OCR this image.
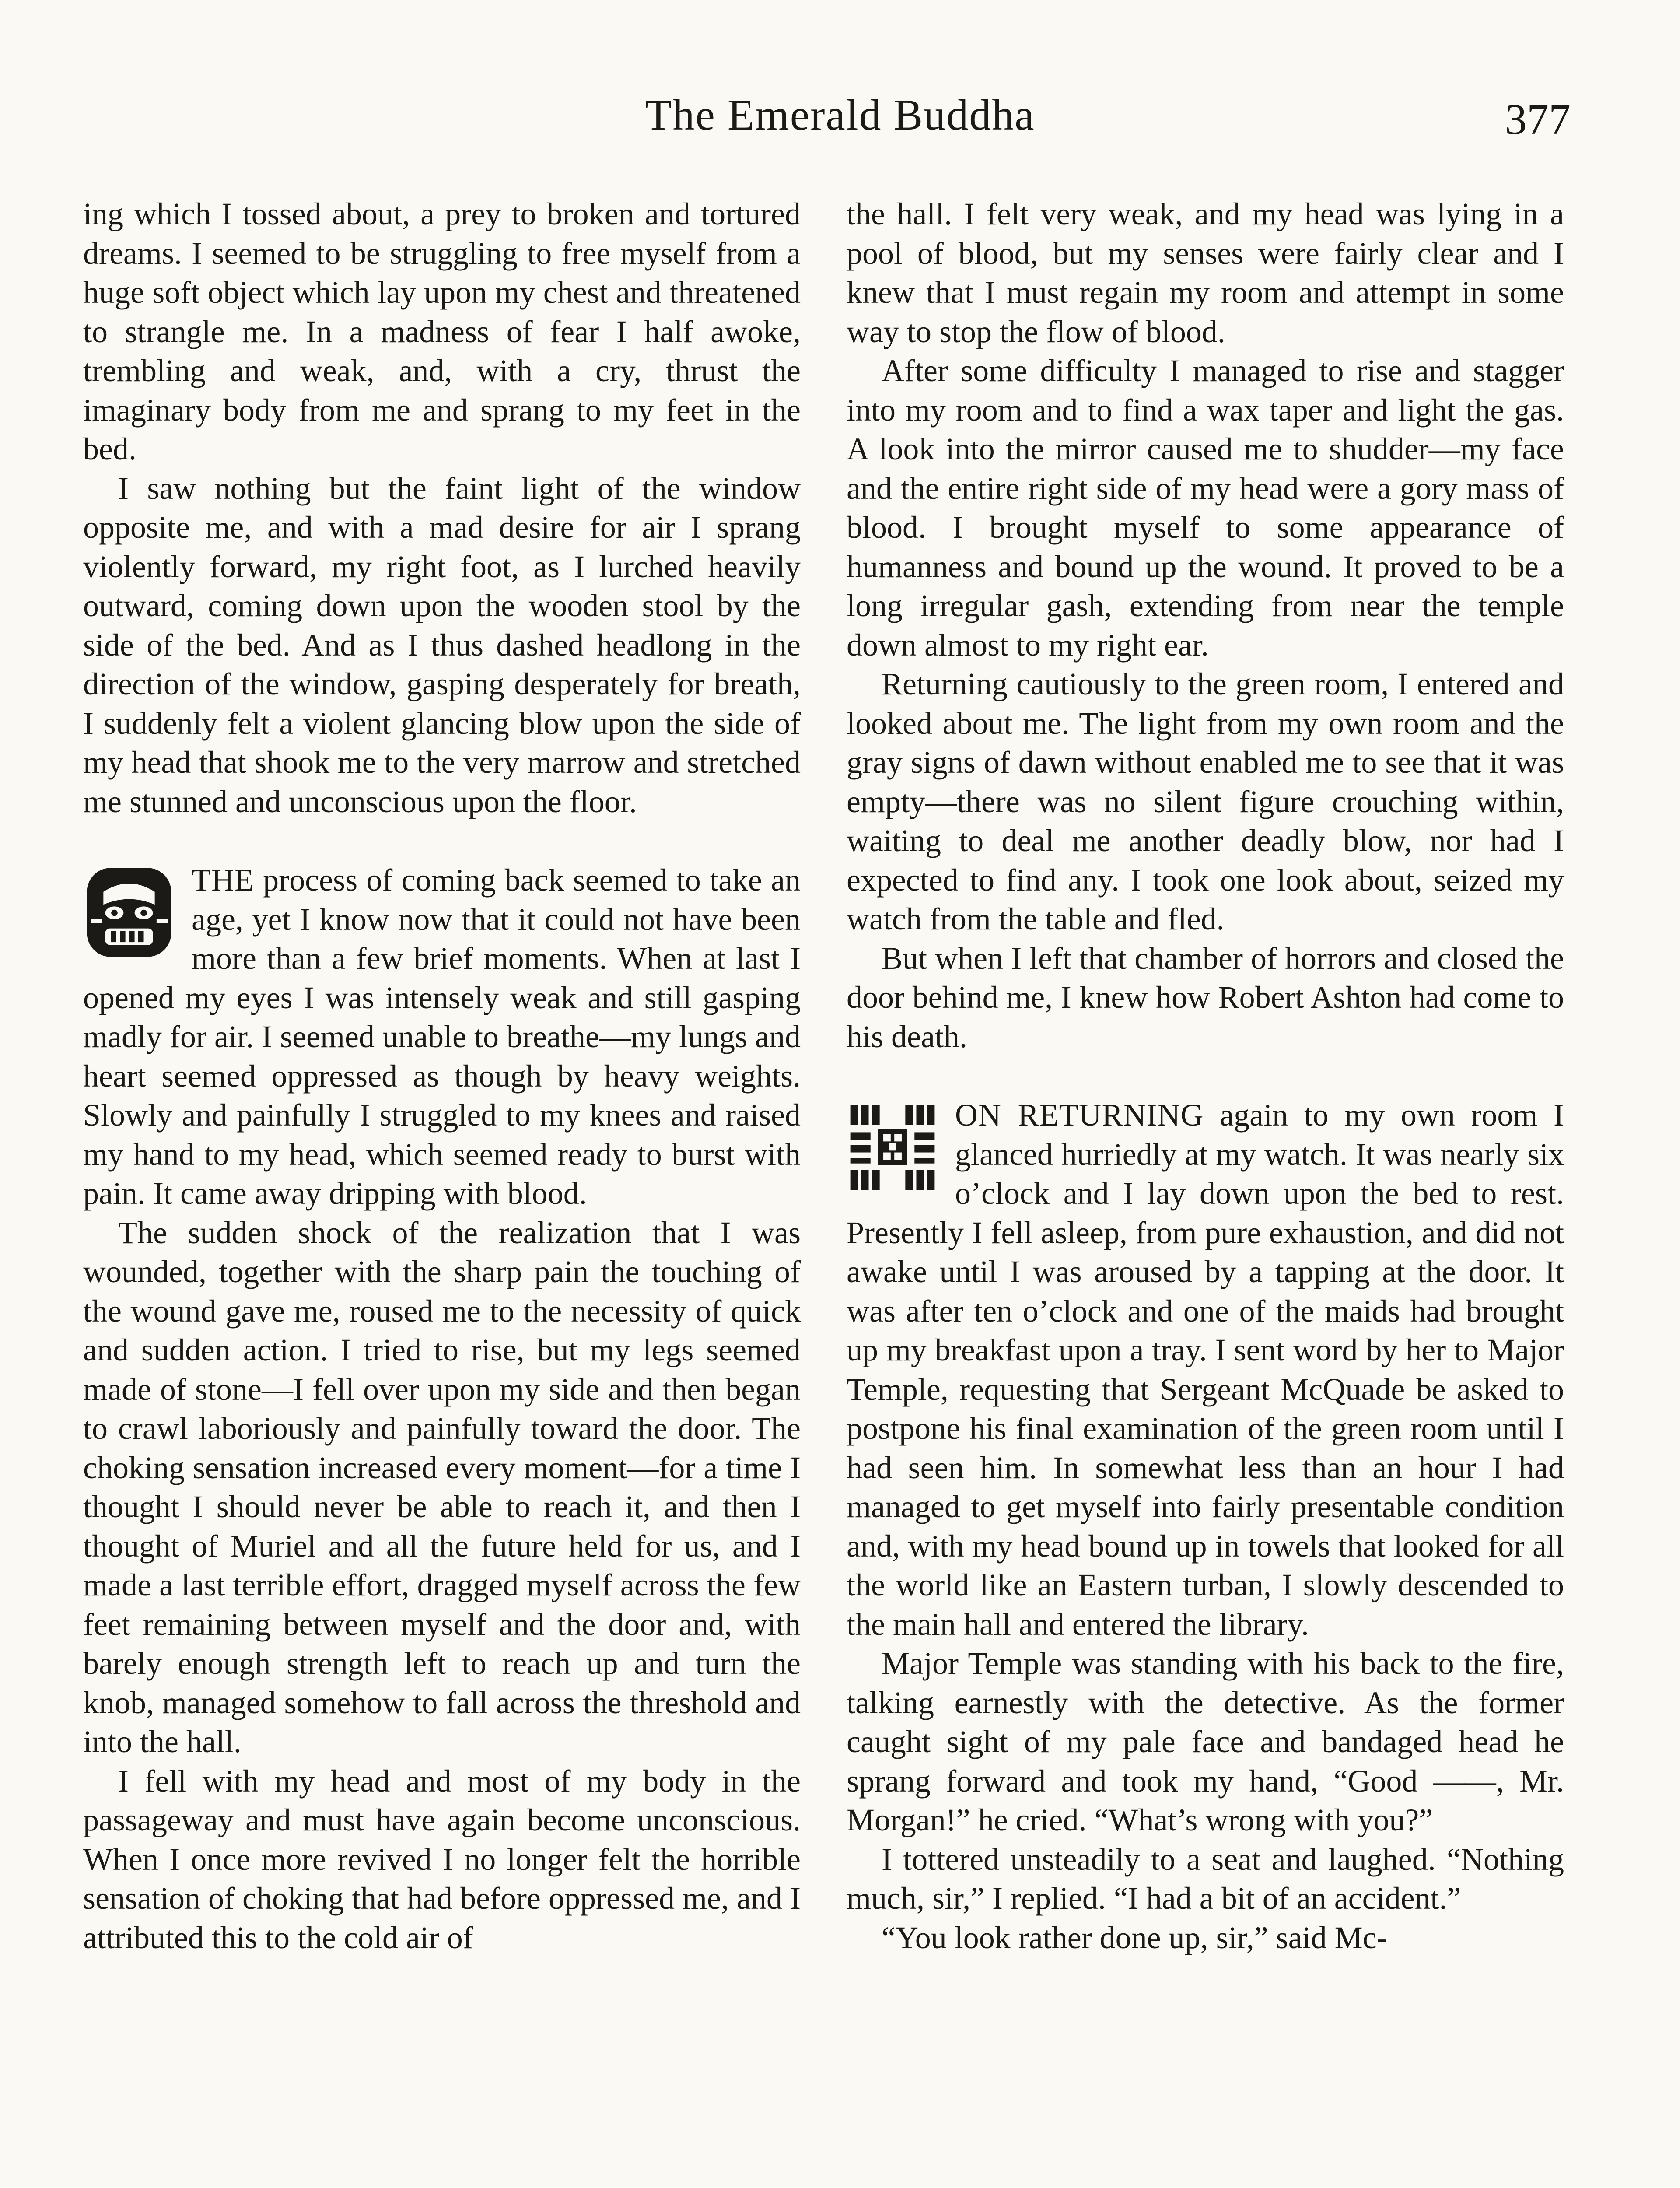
The Emerald Buddha	377

ing which I tossed about, a prey to broken and tortured dreams. I seemed to be struggling to free myself from a huge soft object which lay upon my chest and threatened to strangle me. In a madness of fear I half awoke, trembling and weak, and, with a cry, thrust the imaginary body from me and sprang to my feet in the bed.

I saw nothing but the faint light of the window opposite me, and with a mad desire for air I sprang violently forward, my right foot, as I lurched heavily outward, coming down upon the wooden stool by the side of the bed. And as I thus dashed headlong in the direction of the window, gasping desperately for breath, I suddenly felt a violent glancing blow upon the side of my head that shook me to the very marrow and stretched me stunned and unconscious upon the floor.

THE process of coming back seemed to take an age, yet I know now that it could not have been more than a few brief moments. When at last I opened my eyes I was intensely weak and still gasping madly for air. I seemed unable to breathe—my lungs and heart seemed oppressed as though by heavy weights. Slowly and painfully I struggled to my knees and raised my hand to my head, which seemed ready to burst with pain. It came away dripping with blood.

The sudden shock of the realization that I was wounded, together with the sharp pain the touching of the wound gave me, roused me to the necessity of quick and sudden action. I tried to rise, but my legs seemed made of stone—I fell over upon my side and then began to crawl laboriously and painfully toward the door. The choking sensation increased every moment—for a time I thought I should never be able to reach it, and then I thought of Muriel and all the future held for us, and I made a last terrible effort, dragged myself across the few feet remaining between myself and the door and, with barely enough strength left to reach up and turn the knob, managed somehow to fall across the threshold and into the hall.

I fell with my head and most of my body in the passageway and must have again become unconscious. When I once more revived I no longer felt the horrible sensation of choking that had before oppressed me, and I attributed this to the cold air of

the hall. I felt very weak, and my head was lying in a pool of blood, but my senses were fairly clear and I knew that I must regain my room and attempt in some way to stop the flow of blood.

After some difficulty I managed to rise and stagger into my room and to find a wax taper and light the gas. A look into the mirror caused me to shudder—my face and the entire right side of my head were a gory mass of blood. I brought myself to some appearance of humanness and bound up the wound. It proved to be a long irregular gash, extending from near the temple down almost to my right ear.

Returning cautiously to the green room, I entered and looked about me. The light from my own room and the gray signs of dawn without enabled me to see that it was empty—there was no silent figure crouching within, waiting to deal me another deadly blow, nor had I expected to find any. I took one look about, seized my watch from the table and fled.

But when I left that chamber of horrors and closed the door behind me, I knew how Robert Ashton had come to his death.

ON RETURNING again to my own room I glanced hurriedly at my watch. It was nearly six o’clock and I lay down upon the bed to rest. Presently I fell asleep, from pure exhaustion, and did not awake until I was aroused by a tapping at the door. It was after ten o’clock and one of the maids had brought up my breakfast upon a tray. I sent word by her to Major Temple, requesting that Sergeant McQuade be asked to postpone his final examination of the green room until I had seen him. In somewhat less than an hour I had managed to get myself into fairly presentable condition and, with my head bound up in towels that looked for all the world like an Eastern turban, I slowly descended to the main hall and entered the library.

Major Temple was standing with his back to the fire, talking earnestly with the detective. As the former caught sight of my pale face and bandaged head he sprang forward and took my hand, “Good ——, Mr. Morgan!” he cried. “What’s wrong with you?”

I tottered unsteadily to a seat and laughed. “Nothing much, sir,” I replied. “I had a bit of an accident.”

“You look rather done up, sir,” said Mc-
